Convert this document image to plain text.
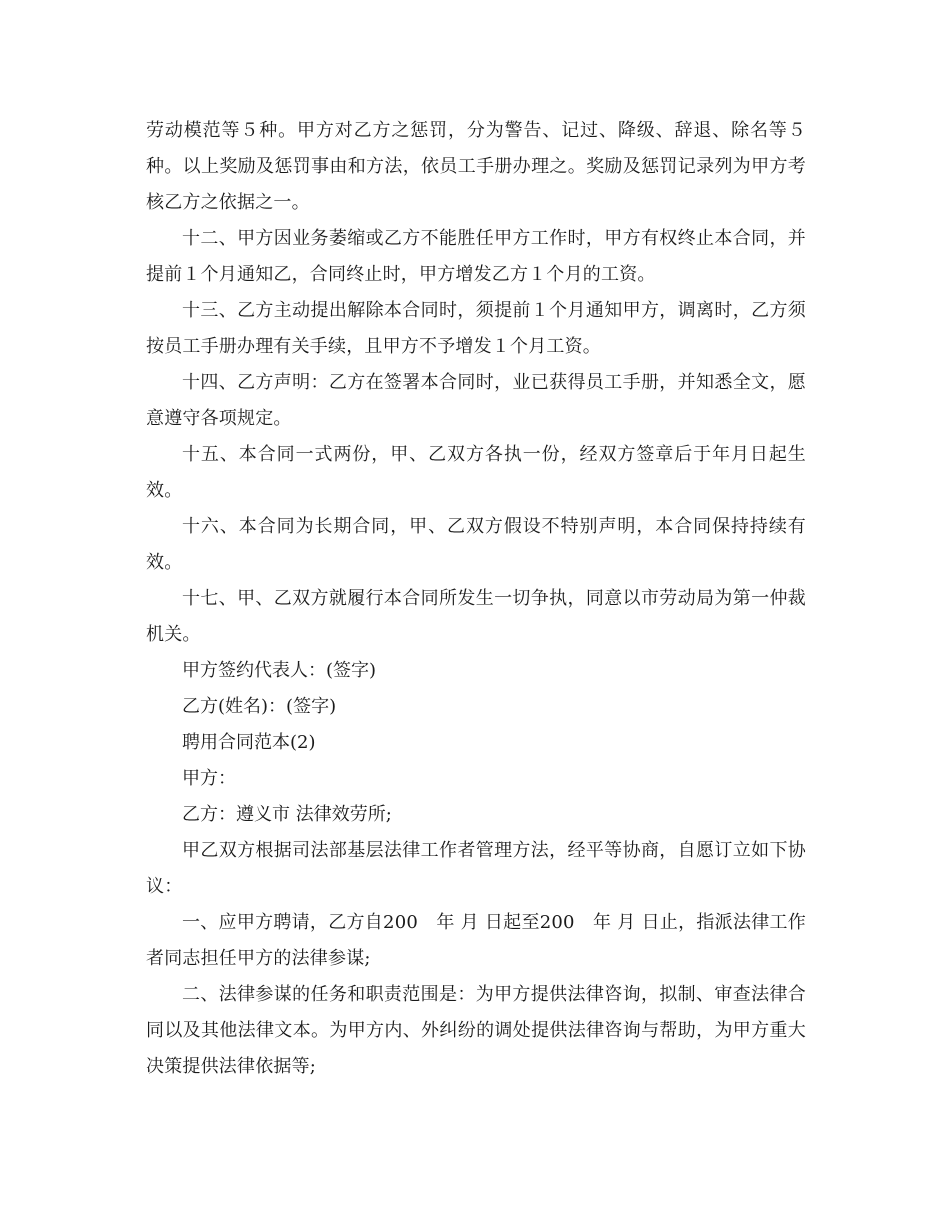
劳动模范等５种。甲方对乙方之惩罚，分为警告、记过、降级、辞退、除名等５种。以上奖励及惩罚事由和方法，依员工手册办理之。奖励及惩罚记录列为甲方考核乙方之依据之一。

十二、甲方因业务萎缩或乙方不能胜任甲方工作时，甲方有权终止本合同，并提前１个月通知乙，合同终止时，甲方增发乙方１个月的工资。

十三、乙方主动提出解除本合同时，须提前１个月通知甲方，调离时，乙方须按员工手册办理有关手续，且甲方不予增发１个月工资。

十四、乙方声明：乙方在签署本合同时，业已获得员工手册，并知悉全文，愿意遵守各项规定。

十五、本合同一式两份，甲、乙双方各执一份，经双方签章后于年月日起生效。

十六、本合同为长期合同，甲、乙双方假设不特别声明，本合同保持持续有效。

十七、甲、乙双方就履行本合同所发生一切争执，同意以市劳动局为第一仲裁机关。

甲方签约代表人：(签字)

乙方(姓名)：(签字)

聘用合同范本(2)

甲方：

乙方：遵义市 法律效劳所;

甲乙双方根据司法部基层法律工作者管理方法，经平等协商，自愿订立如下协议：

一、应甲方聘请，乙方自200　年 月 日起至200　年 月 日止，指派法律工作者同志担任甲方的法律参谋;

二、法律参谋的任务和职责范围是：为甲方提供法律咨询，拟制、审查法律合同以及其他法律文本。为甲方内、外纠纷的调处提供法律咨询与帮助，为甲方重大决策提供法律依据等;
